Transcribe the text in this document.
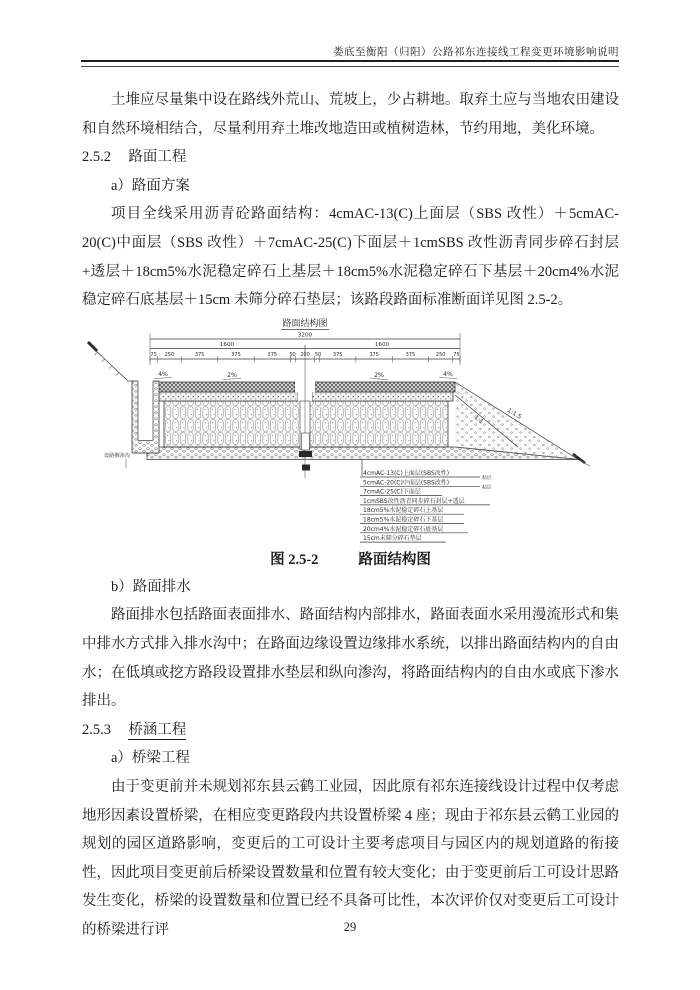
娄底至衡阳（归阳）公路祁东连接线工程变更环境影响说明

土堆应尽量集中设在路线外荒山、荒坡上，少占耕地。取弃土应与当地农田建设和自然环境相结合，尽量利用弃土堆改地造田或植树造林，节约用地，美化环境。

2.5.2 路面工程
a）路面方案

项目全线采用沥青砼路面结构：4cmAC-13(C)上面层（SBS 改性）＋5cmAC-20(C)中面层（SBS 改性）＋7cmAC-25(C)下面层＋1cmSBS 改性沥青同步碎石封层+透层＋18cm5%水泥稳定碎石上基层＋18cm5%水泥稳定碎石下基层＋20cm4%水泥稳定碎石底基层＋15cm 未筛分碎石垫层；该路段路面标准断面详见图 2.5-2。

路面结构图
3200
1600	1600
75 250	375	375	375 50 200 50 375	375	375	250 75
4%	2%	2%	4%
设路侧渗沟
1:1.5
1:1
4cmAC-13(C)上面层(SBS改性)
粘层
5cmAC-20(C)中面层(SBS改性)
粘层
7cmAC-25(C)下面层
1cmSBS改性沥青同步碎石封层+透层
18cm5%水泥稳定碎石上基层
18cm5%水泥稳定碎石下基层
20cm4%水泥稳定碎石底基层
15cm未筛分碎石垫层
图 2.5-2	路面结构图
b）路面排水

路面排水包括路面表面排水、路面结构内部排水，路面表面水采用漫流形式和集中排水方式排入排水沟中；在路面边缘设置边缘排水系统，以排出路面结构内的自由水；在低填或挖方路段设置排水垫层和纵向渗沟，将路面结构内的自由水或底下渗水排出。

2.5.3 桥涵工程
a）桥梁工程

由于变更前并未规划祁东县云鹤工业园，因此原有祁东连接线设计过程中仅考虑地形因素设置桥梁，在相应变更路段内共设置桥梁 4 座；现由于祁东县云鹤工业园的规划的园区道路影响，变更后的工可设计主要考虑项目与园区内的规划道路的衔接性，因此项目变更前后桥梁设置数量和位置有较大变化；由于变更前后工可设计思路发生变化，桥梁的设置数量和位置已经不具备可比性，本次评价仅对变更后工可设计的桥梁进行评	29
